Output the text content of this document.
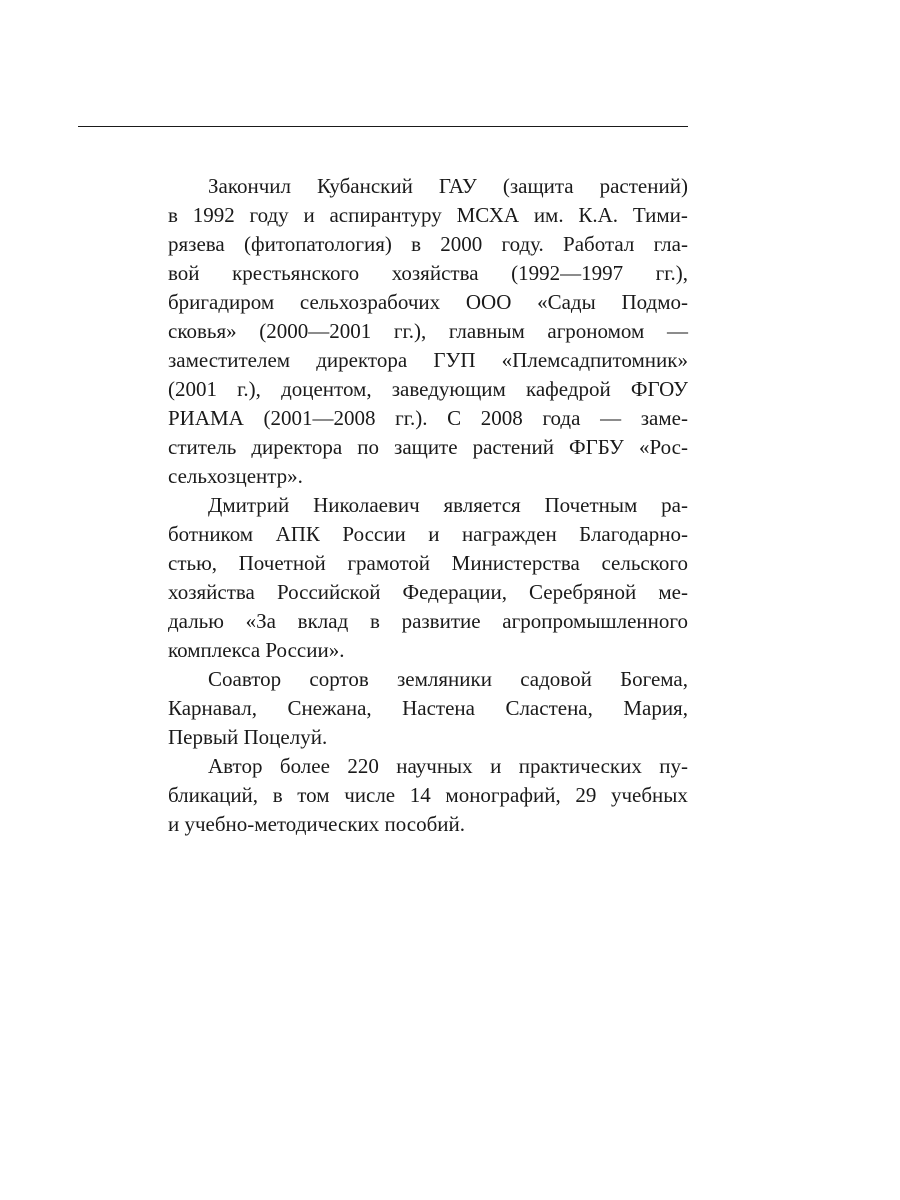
Закончил Кубанский ГАУ (защита растений)
в 1992 году и аспирантуру МСХА им. К.А. Тими-
рязева (фитопатология) в 2000 году. Работал гла-
вой крестьянского хозяйства (1992—1997 гг.),
бригадиром сельхозрабочих ООО «Сады Подмо-
сковья» (2000—2001 гг.), главным агрономом —
заместителем директора ГУП «Племсадпитомник»
(2001 г.), доцентом, заведующим кафедрой ФГОУ
РИАМА (2001—2008 гг.). С 2008 года — заме-
ститель директора по защите растений ФГБУ «Рос-
сельхозцентр».
Дмитрий Николаевич является Почетным ра-
ботником АПК России и награжден Благодарно-
стью, Почетной грамотой Министерства сельского
хозяйства Российской Федерации, Серебряной ме-
далью «За вклад в развитие агропромышленного
комплекса России».
Соавтор сортов земляники садовой Богема,
Карнавал, Снежана, Настена Сластена, Мария,
Первый Поцелуй.
Автор более 220 научных и практических пу-
бликаций, в том числе 14 монографий, 29 учебных
и учебно-методических пособий.
